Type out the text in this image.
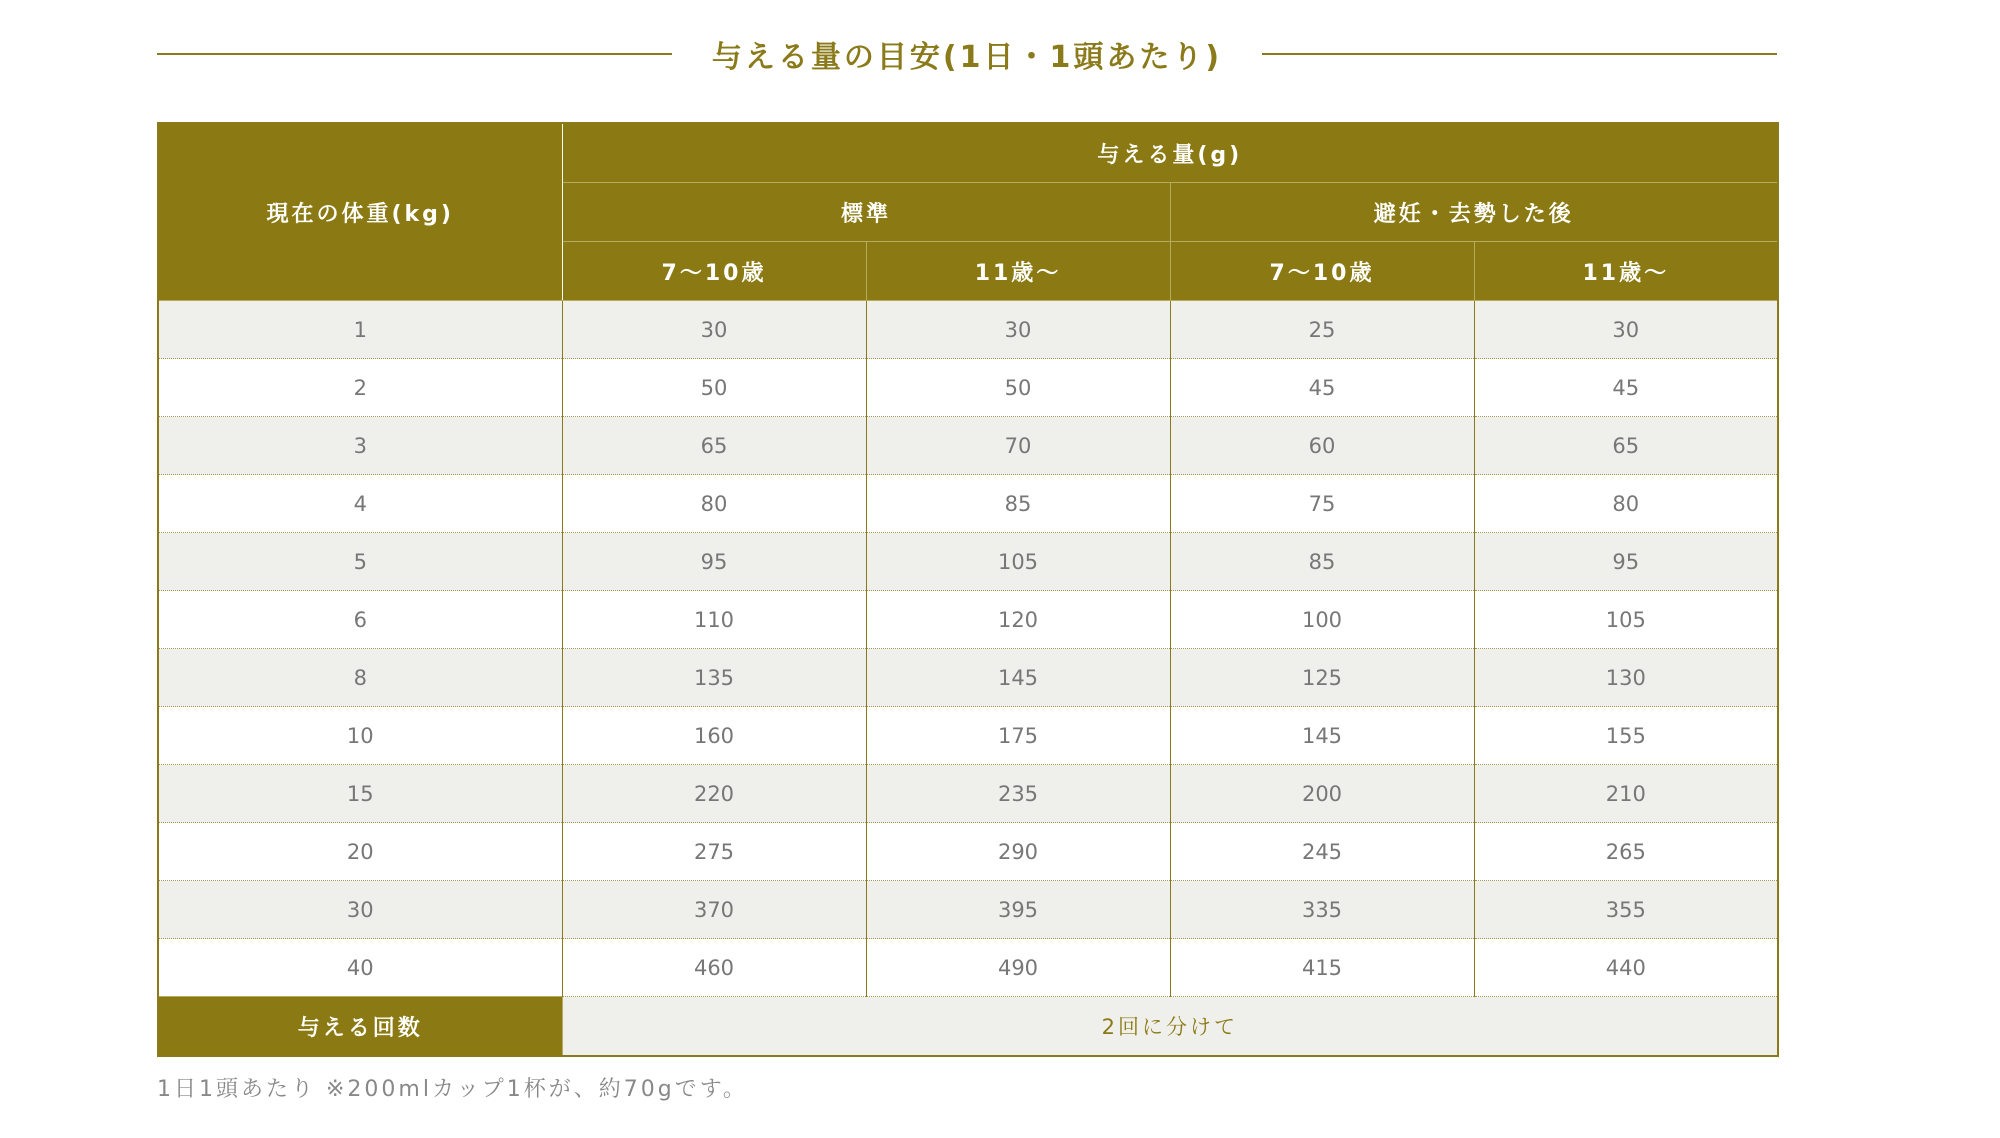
与える量の目安(1日・1頭あたり)
現在の体重(kg)	与える量(g)			
	標準		避妊・去勢した後	
	7〜10歳	11歳〜	7〜10歳	11歳〜
1	30	30	25	30
2	50	50	45	45
3	65	70	60	65
4	80	85	75	80
5	95	105	85	95
6	110	120	100	105
8	135	145	125	130
10	160	175	145	155
15	220	235	200	210
20	275	290	245	265
30	370	395	335	355
40	460	490	415	440
与える回数	2回に分けて			
1日1頭あたり ※200mlカップ1杯が、約70gです。
